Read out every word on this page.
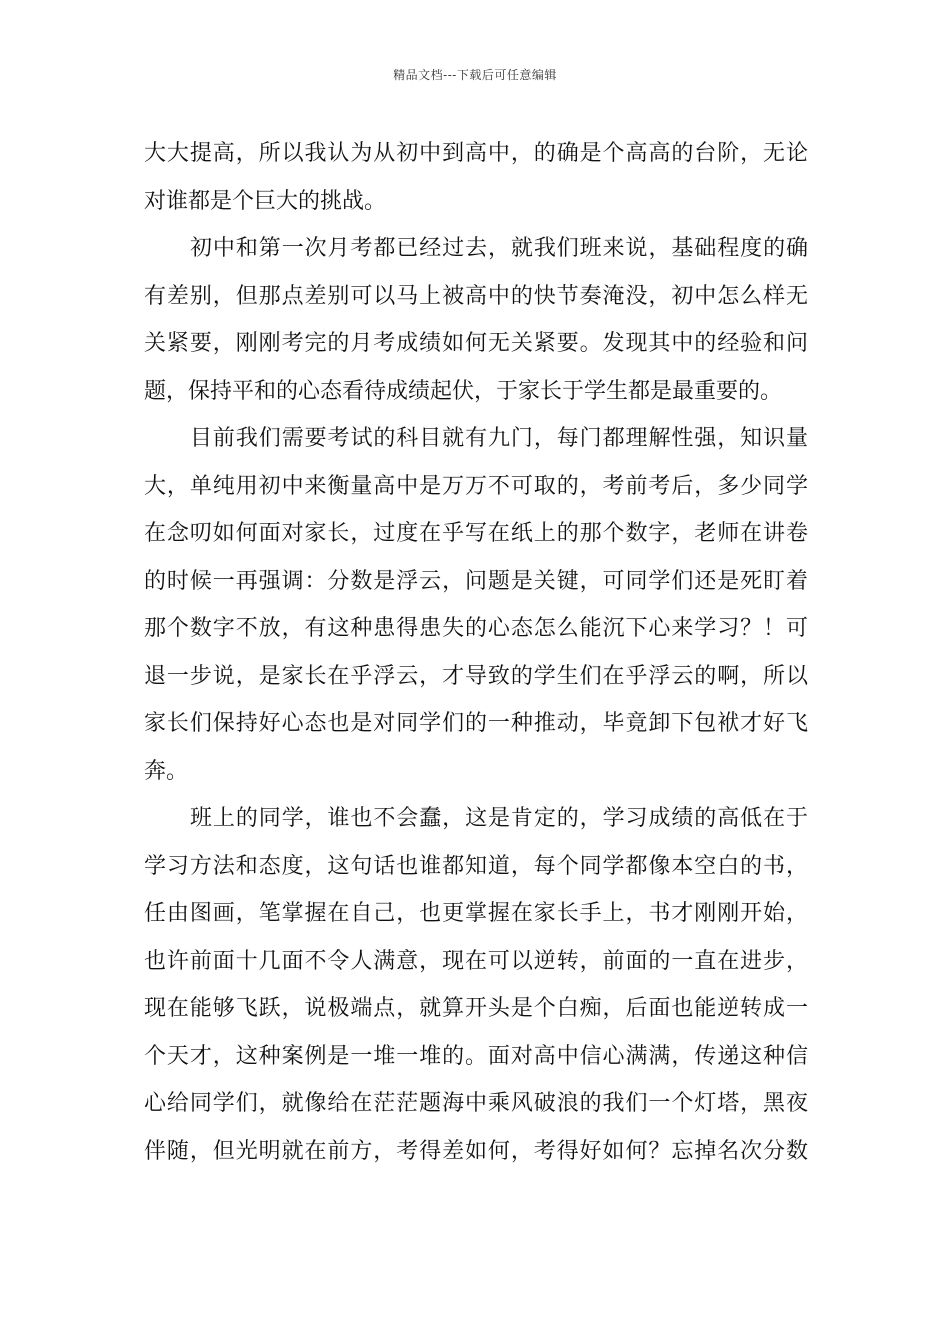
精品文档---下载后可任意编辑
大大提高，所以我认为从初中到高中，的确是个高高的台阶，无论
对谁都是个巨大的挑战。
初中和第一次月考都已经过去，就我们班来说，基础程度的确
有差别，但那点差别可以马上被高中的快节奏淹没，初中怎么样无
关紧要，刚刚考完的月考成绩如何无关紧要。发现其中的经验和问
题，保持平和的心态看待成绩起伏，于家长于学生都是最重要的。
目前我们需要考试的科目就有九门，每门都理解性强，知识量
大，单纯用初中来衡量高中是万万不可取的，考前考后，多少同学
在念叨如何面对家长，过度在乎写在纸上的那个数字，老师在讲卷
的时候一再强调：分数是浮云，问题是关键，可同学们还是死盯着
那个数字不放，有这种患得患失的心态怎么能沉下心来学习？！可
退一步说，是家长在乎浮云，才导致的学生们在乎浮云的啊，所以
家长们保持好心态也是对同学们的一种推动，毕竟卸下包袱才好飞
奔。
班上的同学，谁也不会蠢，这是肯定的，学习成绩的高低在于
学习方法和态度，这句话也谁都知道，每个同学都像本空白的书，
任由图画，笔掌握在自己，也更掌握在家长手上，书才刚刚开始，
也许前面十几面不令人满意，现在可以逆转，前面的一直在进步，
现在能够飞跃，说极端点，就算开头是个白痴，后面也能逆转成一
个天才，这种案例是一堆一堆的。面对高中信心满满，传递这种信
心给同学们，就像给在茫茫题海中乘风破浪的我们一个灯塔，黑夜
伴随，但光明就在前方，考得差如何，考得好如何？忘掉名次分数
